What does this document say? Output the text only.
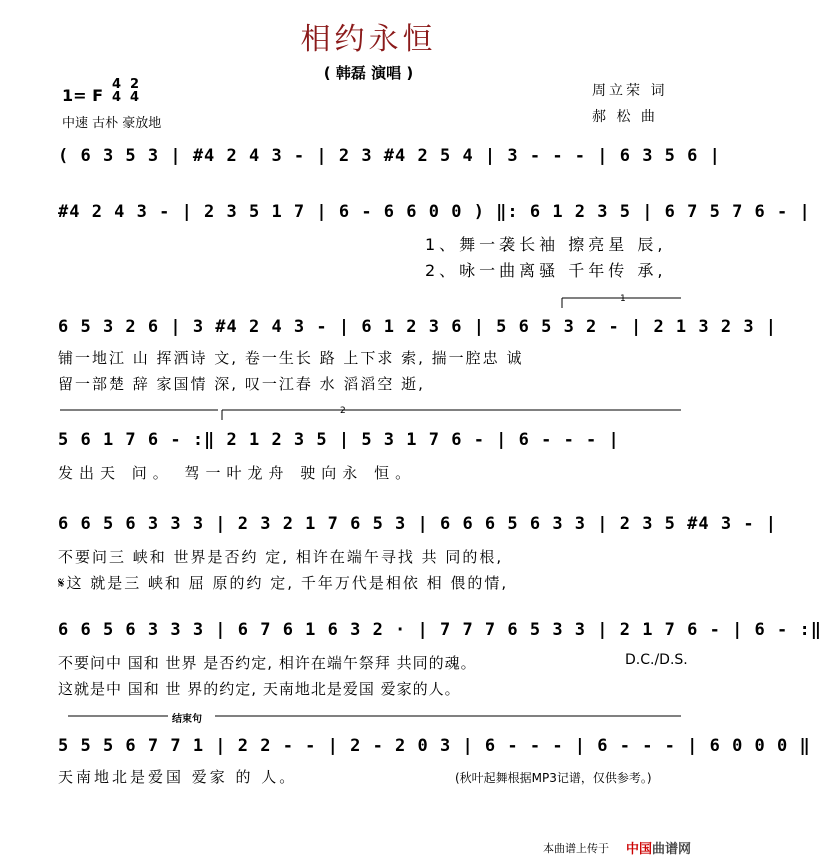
相约永恒
( 韩磊 演唱 )
1= F
4
4
2
4
中速 古朴 豪放地
周立荣 词
郝 松 曲
( 6 3 5 3 | #4 2 4 3 - | 2 3 #4 2 5 4 | 3 - - - | 6 3 5 6 |
#4 2 4 3 - | 2 3 5 1 7 | 6 - 6 6 0 0 ) ‖: 6 1 2 3 5 | 6 7 5 7 6 - |
6 5 3 2 6 | 3 #4 2 4 3 - | 6 1 2 3 6 | 5 6 5 3 2 - | 2 1 3 2 3 |
5 6 1 7 6 - :‖ 2 1 2 3 5 | 5 3 1 7 6 - | 6 - - - |
6 6 5 6 3 3 3 | 2 3 2 1 7 6 5 3 | 6 6 6 5 6 3 3 | 2 3 5 #4 3 - |
6 6 5 6 3 3 3 | 6 7 6 1 6 3 2 · | 7 7 7 6 5 3 3 | 2 1 7 6 - | 6 - :‖
5 5 5 6 7 7 1 | 2 2 - - | 2 - 2 0 3 | 6 - - - | 6 - - - | 6 0 0 0 ‖
1、舞一袭长袖 擦亮星 辰,
2、咏一曲离骚 千年传 承,
铺一地江 山 挥洒诗 文, 卷一生长 路 上下求 索, 揣一腔忠 诚
留一部楚 辞 家国情 深, 叹一江春 水 滔滔空 逝,
发出天 问。 驾一叶龙舟 驶向永 恒。
不要问三 峡和 世界是否约 定, 相许在端午寻找 共 同的根,
𝄋这 就是三 峡和 屈 原的约 定, 千年万代是相依 相 偎的情,
不要问中 国和 世界 是否约定, 相许在端午祭拜 共同的魂。
这就是中 国和 世 界的约定, 天南地北是爱国 爱家的人。
天南地北是爱国 爱家 的 人。
D.C./D.S.
(秋叶起舞根据MP3记谱，仅供参考。)
1
2
结束句
本曲谱上传于 中国曲谱网
